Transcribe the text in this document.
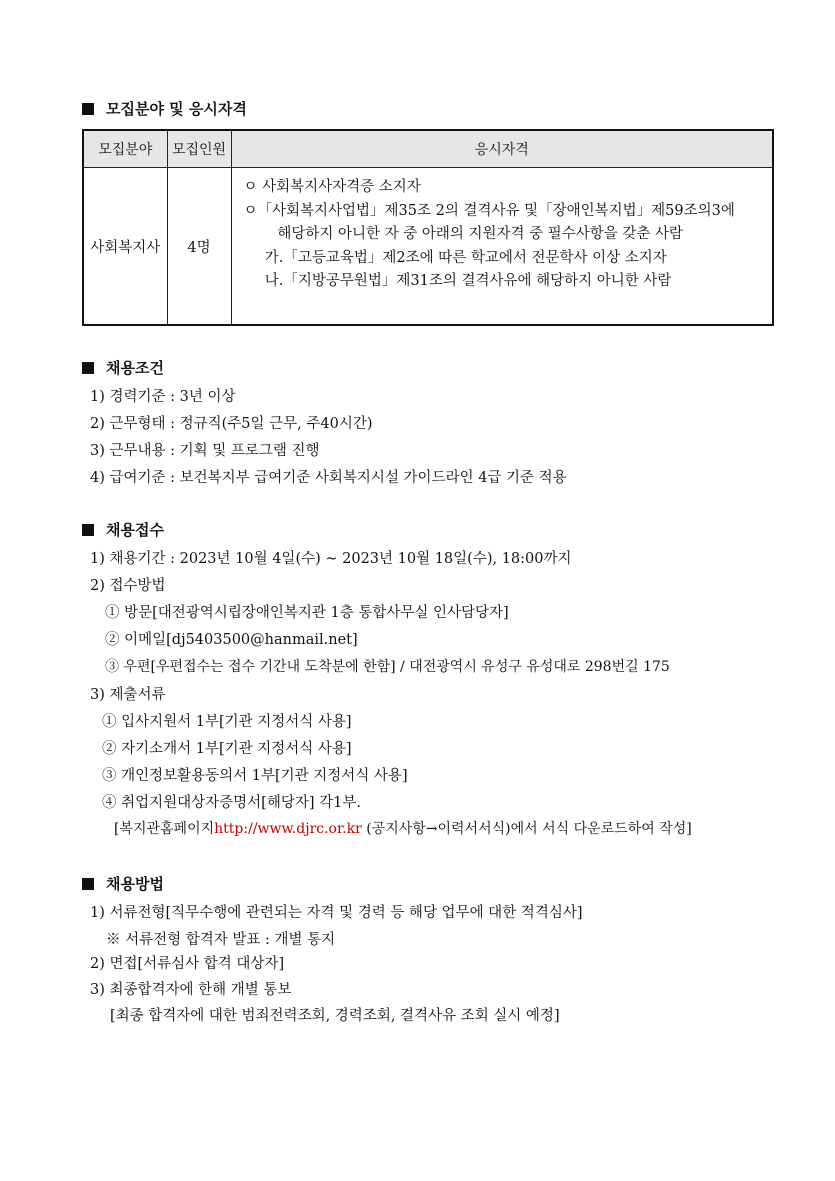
모집분야 및 응시자격
모집분야	모집인원	응시자격
사회복지사	4명	ㅇ 사회복지사자격증 소지자
ㅇ「사회복지사업법」제35조 2의 결격사유 및「장애인복지법」제59조의3에
해당하지 아니한 자 중 아래의 지원자격 중 필수사항을 갖춘 사람
가.「고등교육법」제2조에 따른 학교에서 전문학사 이상 소지자
나.「지방공무원법」제31조의 결격사유에 해당하지 아니한 사람
채용조건
1) 경력기준 : 3년 이상
2) 근무형태 : 정규직(주5일 근무, 주40시간)
3) 근무내용 : 기획 및 프로그램 진행
4) 급여기준 : 보건복지부 급여기준 사회복지시설 가이드라인 4급 기준 적용
채용접수
1) 채용기간 : 2023년 10월 4일(수) ~ 2023년 10월 18일(수), 18:00까지
2) 접수방법
① 방문[대전광역시립장애인복지관 1층 통합사무실 인사담당자]
② 이메일[dj5403500@hanmail.net]
③ 우편[우편접수는 접수 기간내 도착분에 한함] / 대전광역시 유성구 유성대로 298번길 175
3) 제출서류
① 입사지원서 1부[기관 지정서식 사용]
② 자기소개서 1부[기관 지정서식 사용]
③ 개인정보활용동의서 1부[기관 지정서식 사용]
④ 취업지원대상자증명서[해당자] 각1부.
[복지관홈페이지http://www.djrc.or.kr (공지사항→이력서서식)에서 서식 다운로드하여 작성]
채용방법
1) 서류전형[직무수행에 관련되는 자격 및 경력 등 해당 업무에 대한 적격심사]
※ 서류전형 합격자 발표 : 개별 통지
2) 면접[서류심사 합격 대상자]
3) 최종합격자에 한해 개별 통보
[최종 합격자에 대한 범죄전력조회, 경력조회, 결격사유 조회 실시 예정]
